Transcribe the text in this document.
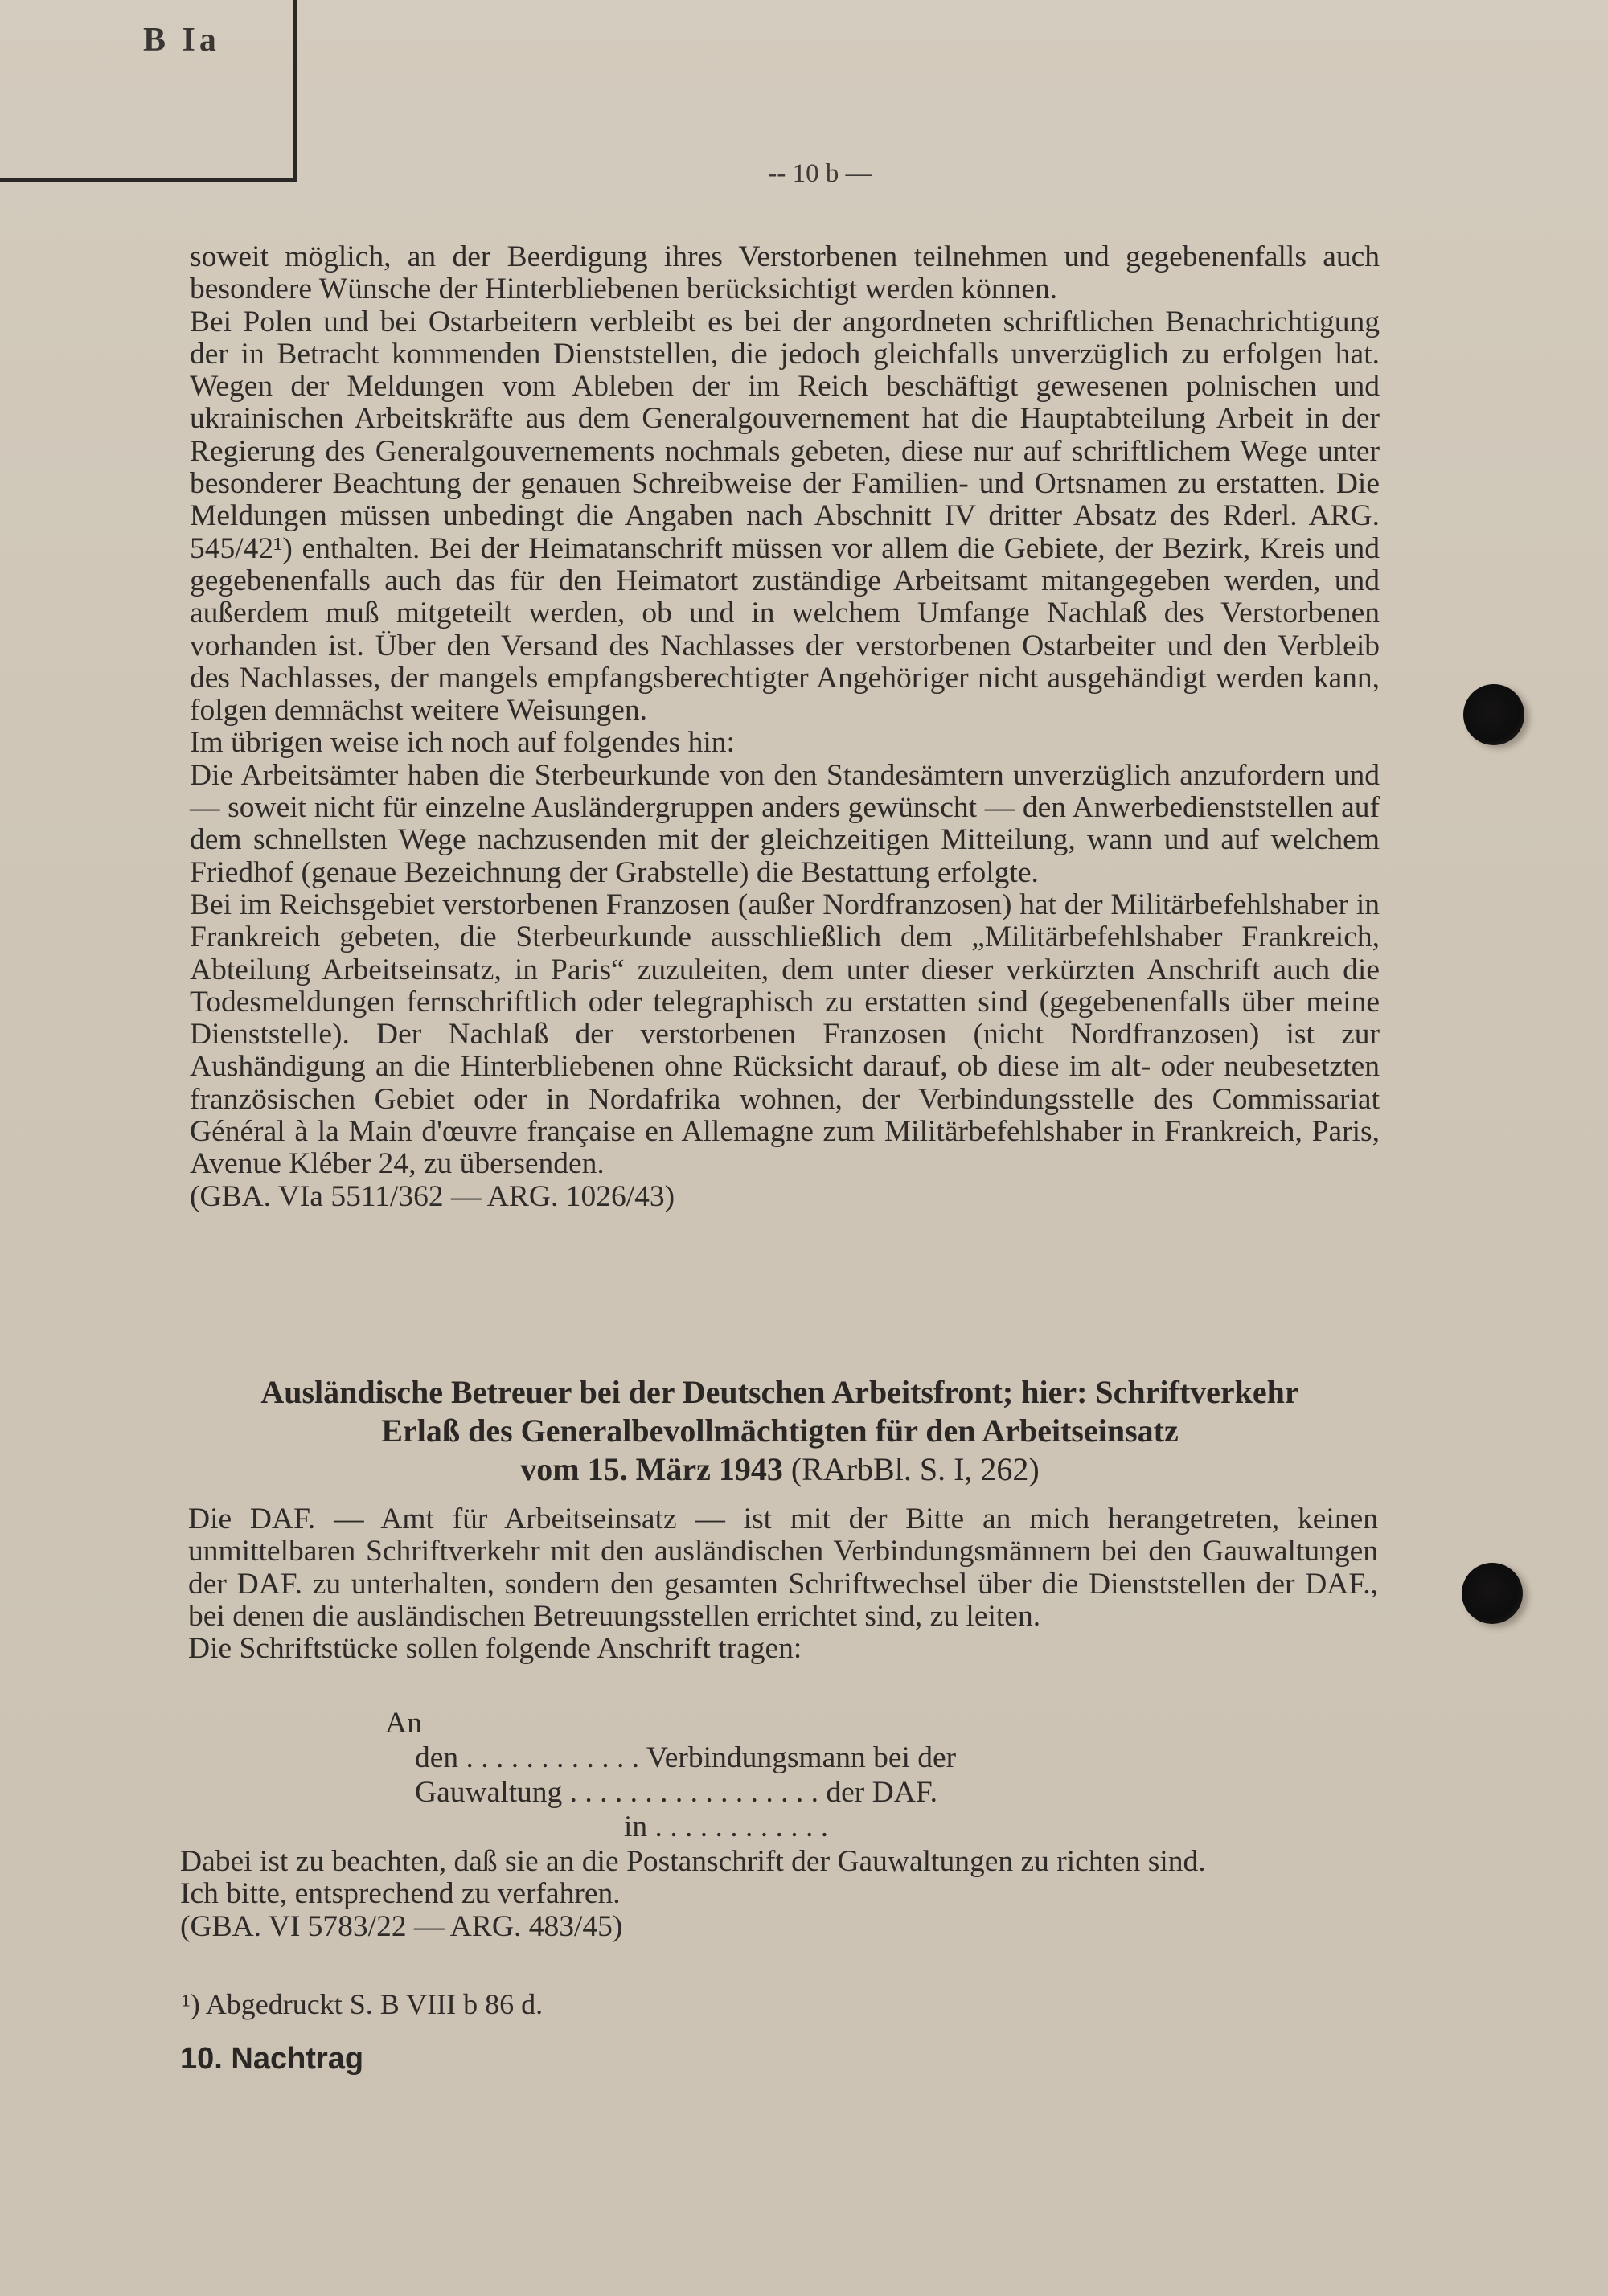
B Ia
-- 10 b —

soweit möglich, an der Beerdigung ihres Verstorbenen teilnehmen und gegebenenfalls auch besondere Wünsche der Hinterbliebenen berücksichtigt werden können.

Bei Polen und bei Ostarbeitern verbleibt es bei der angordneten schriftlichen Benachrichtigung der in Betracht kommenden Dienststellen, die jedoch gleichfalls unverzüglich zu erfolgen hat. Wegen der Meldungen vom Ableben der im Reich beschäftigt gewesenen polnischen und ukrainischen Arbeitskräfte aus dem Generalgouvernement hat die Hauptabteilung Arbeit in der Regierung des Generalgouvernements nochmals gebeten, diese nur auf schriftlichem Wege unter besonderer Beachtung der genauen Schreibweise der Familien- und Ortsnamen zu erstatten. Die Meldungen müssen unbedingt die Angaben nach Abschnitt IV dritter Absatz des Rderl. ARG. 545/42¹) enthalten. Bei der Heimatanschrift müssen vor allem die Gebiete, der Bezirk, Kreis und gegebenenfalls auch das für den Heimatort zuständige Arbeitsamt mitangegeben werden, und außerdem muß mitgeteilt werden, ob und in welchem Umfange Nachlaß des Verstorbenen vorhanden ist. Über den Versand des Nachlasses der verstorbenen Ostarbeiter und den Verbleib des Nachlasses, der mangels empfangsberechtigter Angehöriger nicht ausgehändigt werden kann, folgen demnächst weitere Weisungen.

Im übrigen weise ich noch auf folgendes hin:

Die Arbeitsämter haben die Sterbeurkunde von den Standesämtern unverzüglich anzufordern und — soweit nicht für einzelne Ausländergruppen anders gewünscht — den Anwerbedienststellen auf dem schnellsten Wege nachzusenden mit der gleichzeitigen Mitteilung, wann und auf welchem Friedhof (genaue Bezeichnung der Grabstelle) die Bestattung erfolgte.

Bei im Reichsgebiet verstorbenen Franzosen (außer Nordfranzosen) hat der Militärbefehlshaber in Frankreich gebeten, die Sterbeurkunde ausschließlich dem „Militärbefehlshaber Frankreich, Abteilung Arbeitseinsatz, in Paris“ zuzuleiten, dem unter dieser verkürzten Anschrift auch die Todesmeldungen fernschriftlich oder telegraphisch zu erstatten sind (gegebenenfalls über meine Dienststelle). Der Nachlaß der verstorbenen Franzosen (nicht Nordfranzosen) ist zur Aushändigung an die Hinterbliebenen ohne Rücksicht darauf, ob diese im alt- oder neubesetzten französischen Gebiet oder in Nordafrika wohnen, der Verbindungsstelle des Commissariat Général à la Main d'œuvre française en Allemagne zum Militärbefehlshaber in Frankreich, Paris, Avenue Kléber 24, zu übersenden.

(GBA. VIa 5511/362 — ARG. 1026/43)

Ausländische Betreuer bei der Deutschen Arbeitsfront; hier: Schriftverkehr
Erlaß des Generalbevollmächtigten für den Arbeitseinsatz
vom 15. März 1943 (RArbBl. S. I, 262)

Die DAF. — Amt für Arbeitseinsatz — ist mit der Bitte an mich herangetreten, keinen unmittelbaren Schriftverkehr mit den ausländischen Verbindungsmännern bei den Gauwaltungen der DAF. zu unterhalten, sondern den gesamten Schriftwechsel über die Dienststellen der DAF., bei denen die ausländischen Betreuungsstellen errichtet sind, zu leiten.

Die Schriftstücke sollen folgende Anschrift tragen:

An
den . . . . . . . . . . . . Verbindungsmann bei der
Gauwaltung . . . . . . . . . . . . . . . . . der DAF.
in . . . . . . . . . . . .

Dabei ist zu beachten, daß sie an die Postanschrift der Gauwaltungen zu richten sind.

Ich bitte, entsprechend zu verfahren.

(GBA. VI 5783/22 — ARG. 483/45)

¹) Abgedruckt S. B VIII b 86 d.
10. Nachtrag
